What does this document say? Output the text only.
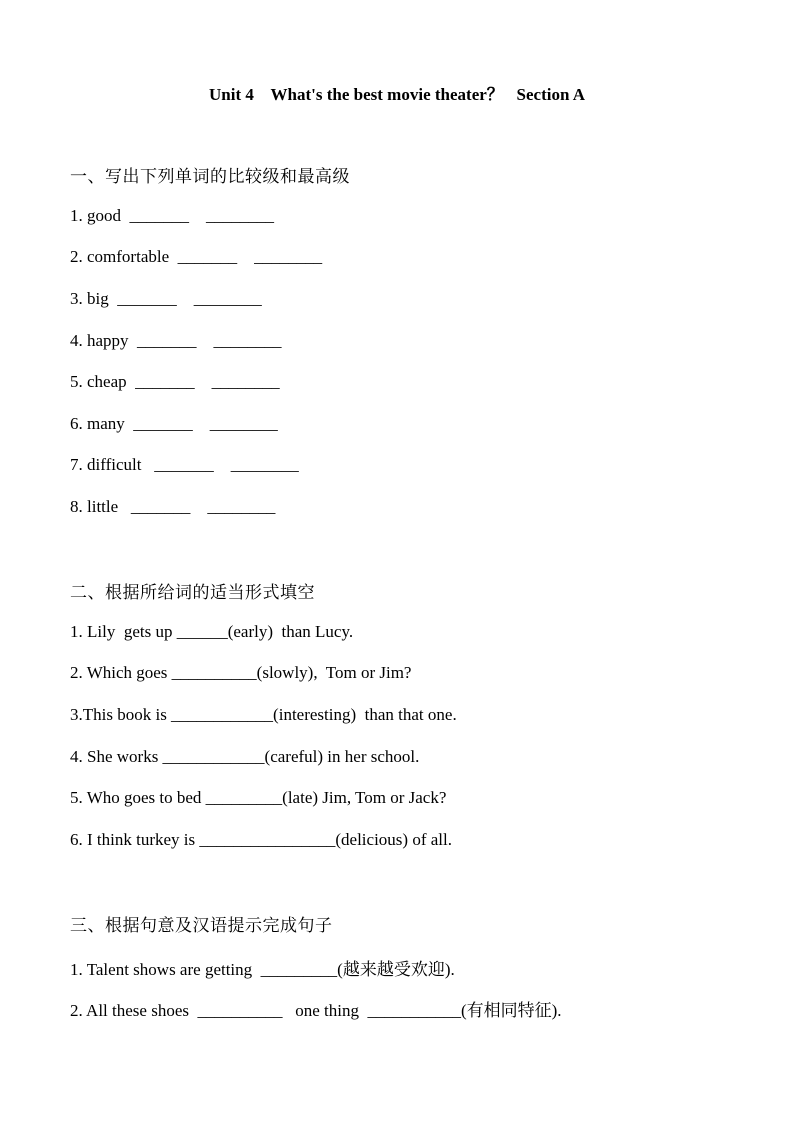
Unit 4    What's the best movie theater？   Section A
一、写出下列单词的比较级和最高级
1. good  _______    ________
2. comfortable  _______    ________
3. big  _______    ________
4. happy  _______    ________
5. cheap  _______    ________
6. many  _______    ________
7. difficult   _______    ________
8. little   _______    ________
二、根据所给词的适当形式填空
1. Lily  gets up ______(early)  than Lucy.
2. Which goes __________(slowly),  Tom or Jim?
3.This book is ____________(interesting)  than that one.
4. She works ____________(careful) in her school.
5. Who goes to bed _________(late) Jim, Tom or Jack?
6. I think turkey is ________________(delicious) of all.
三、根据句意及汉语提示完成句子
1. Talent shows are getting  _________(越来越受欢迎).
2. All these shoes  __________   one thing  ___________(有相同特征).
